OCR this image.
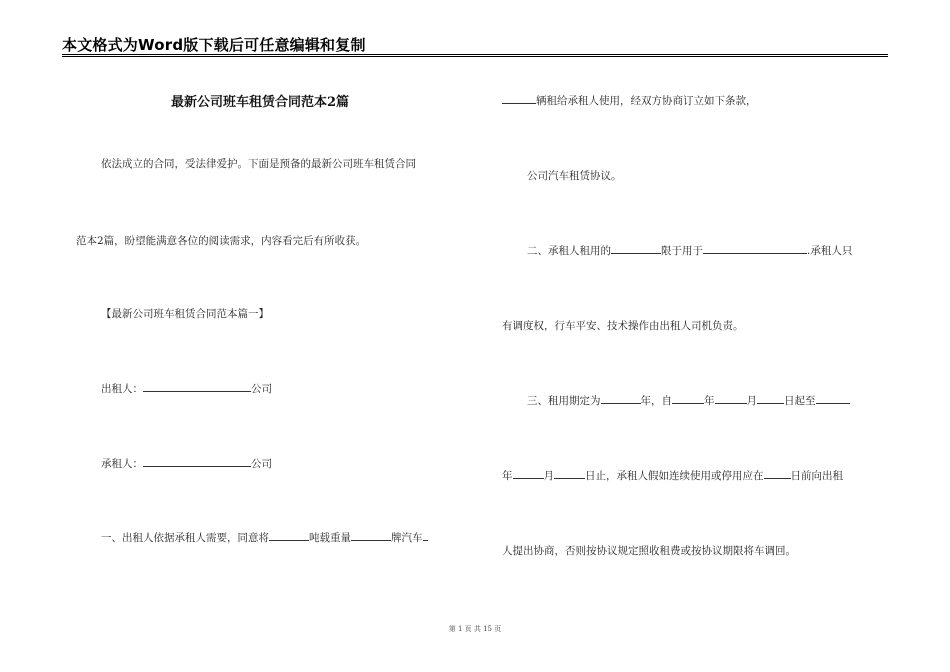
本文格式为Word版下载后可任意编辑和复制
最新公司班车租赁合同范本2篇
依法成立的合同，受法律爱护。下面是预备的最新公司班车租赁合同
范本2篇，盼望能满意各位的阅读需求，内容看完后有所收获。
【最新公司班车租赁合同范本篇一】
出租人：	公司
承租人：	公司
一、出租人依据承租人需要，同意将	吨载重量	牌汽车
辆租给承租人使用，经双方协商订立如下条款，
公司汽车租赁协议。
二、承租人租用的	限于用于	.承租人只
有调度权，行车平安、技术操作由出租人司机负责。
三、租用期定为	年，自	年	月	日起至
年	月	日止，承租人假如连续使用或停用应在	日前向出租
人提出协商，否则按协议规定照收租费或按协议期限将车调回。
第 1 页 共 15 页
